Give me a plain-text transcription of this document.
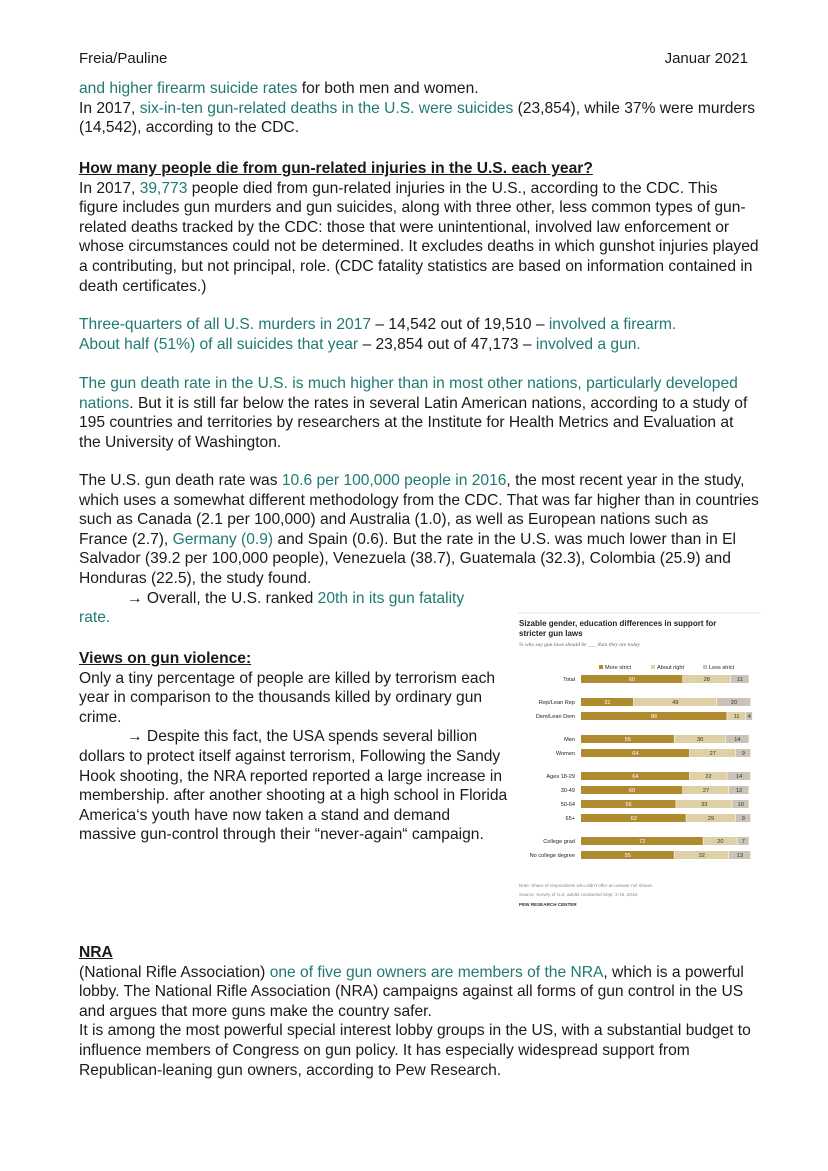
Freia/Pauline	Januar 2021
and higher firearm suicide rates for both men and women.
In 2017, six-in-ten gun-related deaths in the U.S. were suicides (23,854), while 37% were murders (14,542), according to the CDC.
How many people die from gun-related injuries in the U.S. each year?
In 2017, 39,773 people died from gun-related injuries in the U.S., according to the CDC. This figure includes gun murders and gun suicides, along with three other, less common types of gun-related deaths tracked by the CDC: those that were unintentional, involved law enforcement or whose circumstances could not be determined. It excludes deaths in which gunshot injuries played a contributing, but not principal, role. (CDC fatality statistics are based on information contained in death certificates.)
Three-quarters of all U.S. murders in 2017 – 14,542 out of 19,510 – involved a firearm.
About half (51%) of all suicides that year – 23,854 out of 47,173 – involved a gun.
The gun death rate in the U.S. is much higher than in most other nations, particularly developed nations. But it is still far below the rates in several Latin American nations, according to a study of 195 countries and territories by researchers at the Institute for Health Metrics and Evaluation at the University of Washington.
The U.S. gun death rate was 10.6 per 100,000 people in 2016, the most recent year in the study, which uses a somewhat different methodology from the CDC. That was far higher than in countries such as Canada (2.1 per 100,000) and Australia (1.0), as well as European nations such as France (2.7), Germany (0.9) and Spain (0.6). But the rate in the U.S. was much lower than in El Salvador (39.2 per 100,000 people), Venezuela (38.7), Guatemala (32.3), Colombia (25.9) and Honduras (22.5), the study found.
→ Overall, the U.S. ranked 20th in its gun fatality
rate.
Views on gun violence:
Only a tiny percentage of people are killed by terrorism each year in comparison to the thousands killed by ordinary gun crime.
→ Despite this fact, the USA spends several billion dollars to protect itself against terrorism, Following the Sandy Hook shooting, the NRA reported reported a large increase in membership. after another shooting at a high school in Florida America‘s youth have now taken a stand and demand massive gun-control through their “never-again“ campaign.
NRA
(National Rifle Association) one of five gun owners are members of the NRA, which is a powerful lobby. The National Rifle Association (NRA) campaigns against all forms of gun control in the US and argues that more guns make the country safer.
It is among the most powerful special interest lobby groups in the US, with a substantial budget to influence members of Congress on gun policy. It has especially widespread support from Republican-leaning gun owners, according to Pew Research.
Sizable gender, education differences in support for
stricter gun laws
% who say gun laws should be ___ than they are today
More strict	About right	Less strict
Total	60	28	11
Rep/Lean Rep	31	49	20
Dem/Lean Dem	86	11 4
Men	55	30	14
Women	64	27	9
Ages 18-29	64	22	14
30-49	60	27	12
50-64	56	33	10
65+	62	29	9
College grad	72	20	7
No college degree	55	32	13
Note: Share of respondents who didn't offer an answer not shown.
Source: Survey of U.S. adults conducted Sept. 3-15, 2019.
PEW RESEARCH CENTER
